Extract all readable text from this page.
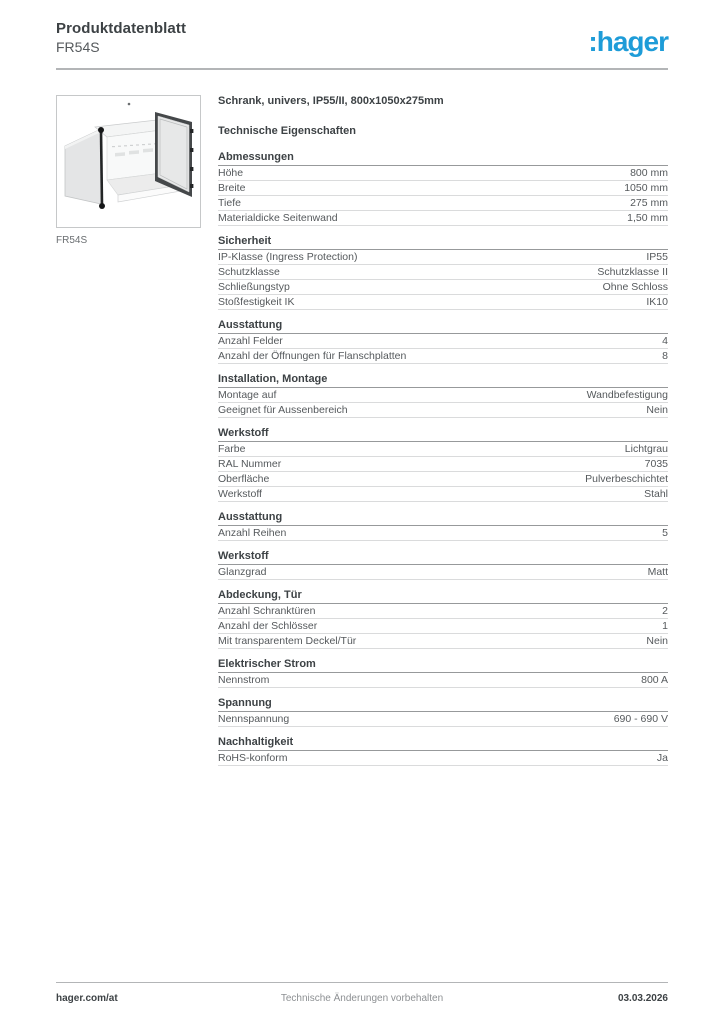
Produktdatenblatt
FR54S	:hager
FR54S
Schrank, univers, IP55/II, 800x1050x275mm
Technische Eigenschaften
Abmessungen
Höhe	800 mm
Breite	1050 mm
Tiefe	275 mm
Materialdicke Seitenwand	1,50 mm
Sicherheit
IP-Klasse (Ingress Protection)	IP55
Schutzklasse	Schutzklasse II
Schließungstyp	Ohne Schloss
Stoßfestigkeit IK	IK10
Ausstattung
Anzahl Felder	4
Anzahl der Öffnungen für Flanschplatten	8
Installation, Montage
Montage auf	Wandbefestigung
Geeignet für Aussenbereich	Nein
Werkstoff
Farbe	Lichtgrau
RAL Nummer	7035
Oberfläche	Pulverbeschichtet
Werkstoff	Stahl
Ausstattung
Anzahl Reihen	5
Werkstoff
Glanzgrad	Matt
Abdeckung, Tür
Anzahl Schranktüren	2
Anzahl der Schlösser	1
Mit transparentem Deckel/Tür	Nein
Elektrischer Strom
Nennstrom	800 A
Spannung
Nennspannung	690 - 690 V
Nachhaltigkeit
RoHS-konform	Ja
hager.com/at	Technische Änderungen vorbehalten	03.03.2026
